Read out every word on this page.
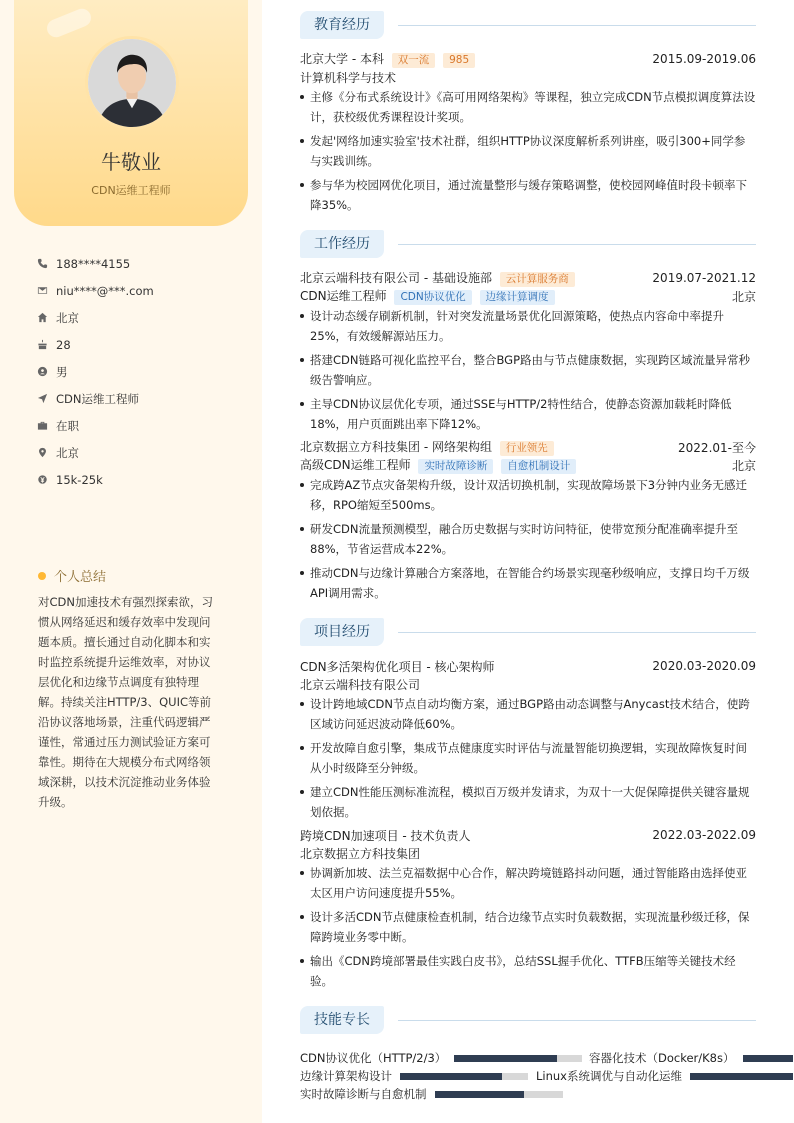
牛敬业
CDN运维工程师
188****4155
niu****@***.com
北京
28
男
CDN运维工程师
在职
北京
15k-25k
个人总结
对CDN加速技术有强烈探索欲，习惯从网络延迟和缓存效率中发现问题本质。擅长通过自动化脚本和实时监控系统提升运维效率，对协议层优化和边缘节点调度有独特理解。持续关注HTTP/3、QUIC等前沿协议落地场景，注重代码逻辑严谨性，常通过压力测试验证方案可靠性。期待在大规模分布式网络领域深耕，以技术沉淀推动业务体验升级。
教育经历
北京大学 - 本科 双一流 985	2015.09-2019.06
计算机科学与技术
主修《分布式系统设计》《高可用网络架构》等课程，独立完成CDN节点模拟调度算法设计，获校级优秀课程设计奖项。
发起'网络加速实验室'技术社群，组织HTTP协议深度解析系列讲座，吸引300+同学参与实践训练。
参与华为校园网优化项目，通过流量整形与缓存策略调整，使校园网峰值时段卡顿率下降35%。
工作经历
北京云端科技有限公司 - 基础设施部 云计算服务商	2019.07-2021.12
CDN运维工程师 CDN协议优化 边缘计算调度	北京
设计动态缓存刷新机制，针对突发流量场景优化回源策略，使热点内容命中率提升25%，有效缓解源站压力。
搭建CDN链路可视化监控平台，整合BGP路由与节点健康数据，实现跨区域流量异常秒级告警响应。
主导CDN协议层优化专项，通过SSE与HTTP/2特性结合，使静态资源加载耗时降低18%，用户页面跳出率下降12%。
北京数据立方科技集团 - 网络架构组 行业领先	2022.01-至今
高级CDN运维工程师 实时故障诊断 自愈机制设计	北京
完成跨AZ节点灾备架构升级，设计双活切换机制，实现故障场景下3分钟内业务无感迁移，RPO缩短至500ms。
研发CDN流量预测模型，融合历史数据与实时访问特征，使带宽预分配准确率提升至88%，节省运营成本22%。
推动CDN与边缘计算融合方案落地，在智能合约场景实现毫秒级响应，支撑日均千万级API调用需求。
项目经历
CDN多活架构优化项目 - 核心架构师	2020.03-2020.09
北京云端科技有限公司
设计跨地域CDN节点自动均衡方案，通过BGP路由动态调整与Anycast技术结合，使跨区域访问延迟波动降低60%。
开发故障自愈引擎，集成节点健康度实时评估与流量智能切换逻辑，实现故障恢复时间从小时级降至分钟级。
建立CDN性能压测标准流程，模拟百万级并发请求，为双十一大促保障提供关键容量规划依据。
跨境CDN加速项目 - 技术负责人	2022.03-2022.09
北京数据立方科技集团
协调新加坡、法兰克福数据中心合作，解决跨境链路抖动问题，通过智能路由选择使亚太区用户访问速度提升55%。
设计多活CDN节点健康检查机制，结合边缘节点实时负载数据，实现流量秒级迁移，保障跨境业务零中断。
输出《CDN跨境部署最佳实践白皮书》，总结SSL握手优化、TTFB压缩等关键技术经验。
技能专长
CDN协议优化（HTTP/2/3）	容器化技术（Docker/K8s）
边缘计算架构设计	Linux系统调优与自动化运维
实时故障诊断与自愈机制
